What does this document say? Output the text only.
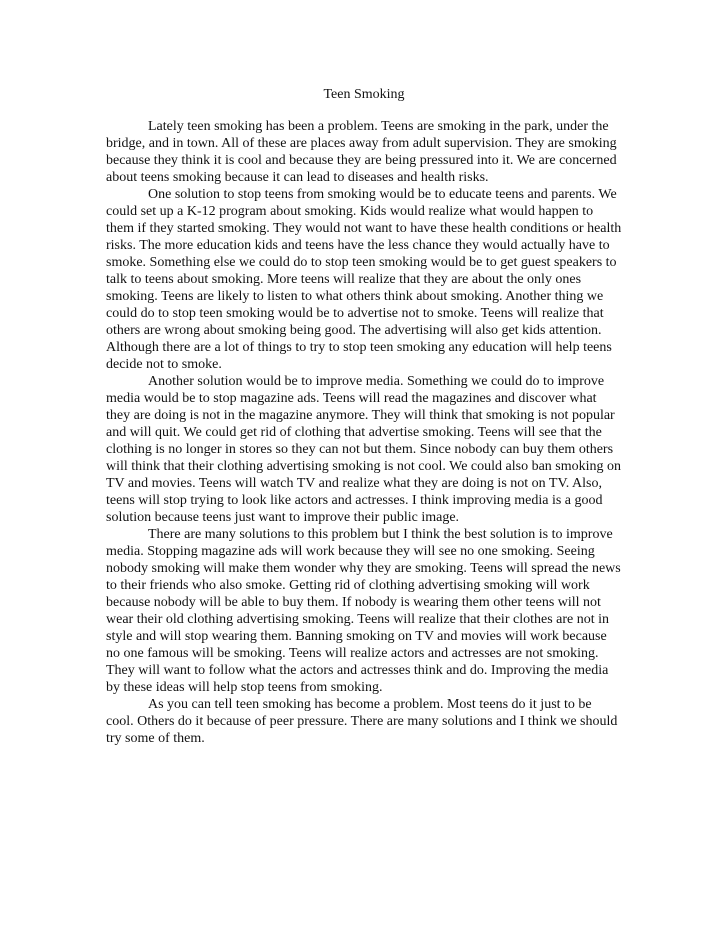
Teen Smoking

Lately teen smoking has been a problem. Teens are smoking in the park, under the bridge, and in town. All of these are places away from adult supervision. They are smoking because they think it is cool and because they are being pressured into it. We are concerned about teens smoking because it can lead to diseases and health risks.

One solution to stop teens from smoking would be to educate teens and parents. We could set up a K-12 program about smoking. Kids would realize what would happen to them if they started smoking. They would not want to have these health conditions or health risks. The more education kids and teens have the less chance they would actually have to smoke. Something else we could do to stop teen smoking would be to get guest speakers to talk to teens about smoking. More teens will realize that they are about the only ones smoking. Teens are likely to listen to what others think about smoking. Another thing we could do to stop teen smoking would be to advertise not to smoke. Teens will realize that others are wrong about smoking being good. The advertising will also get kids attention. Although there are a lot of things to try to stop teen smoking any education will help teens decide not to smoke.

Another solution would be to improve media. Something we could do to improve media would be to stop magazine ads. Teens will read the magazines and discover what they are doing is not in the magazine anymore. They will think that smoking is not popular and will quit. We could get rid of clothing that advertise smoking. Teens will see that the clothing is no longer in stores so they can not but them. Since nobody can buy them others will think that their clothing advertising smoking is not cool. We could also ban smoking on TV and movies. Teens will watch TV and realize what they are doing is not on TV. Also, teens will stop trying to look like actors and actresses. I think improving media is a good solution because teens just want to improve their public image.

There are many solutions to this problem but I think the best solution is to improve media. Stopping magazine ads will work because they will see no one smoking. Seeing nobody smoking will make them wonder why they are smoking. Teens will spread the news to their friends who also smoke. Getting rid of clothing advertising smoking will work because nobody will be able to buy them. If nobody is wearing them other teens will not wear their old clothing advertising smoking. Teens will realize that their clothes are not in style and will stop wearing them. Banning smoking on TV and movies will work because no one famous will be smoking. Teens will realize actors and actresses are not smoking. They will want to follow what the actors and actresses think and do. Improving the media by these ideas will help stop teens from smoking.

As you can tell teen smoking has become a problem. Most teens do it just to be cool. Others do it because of peer pressure. There are many solutions and I think we should try some of them.
